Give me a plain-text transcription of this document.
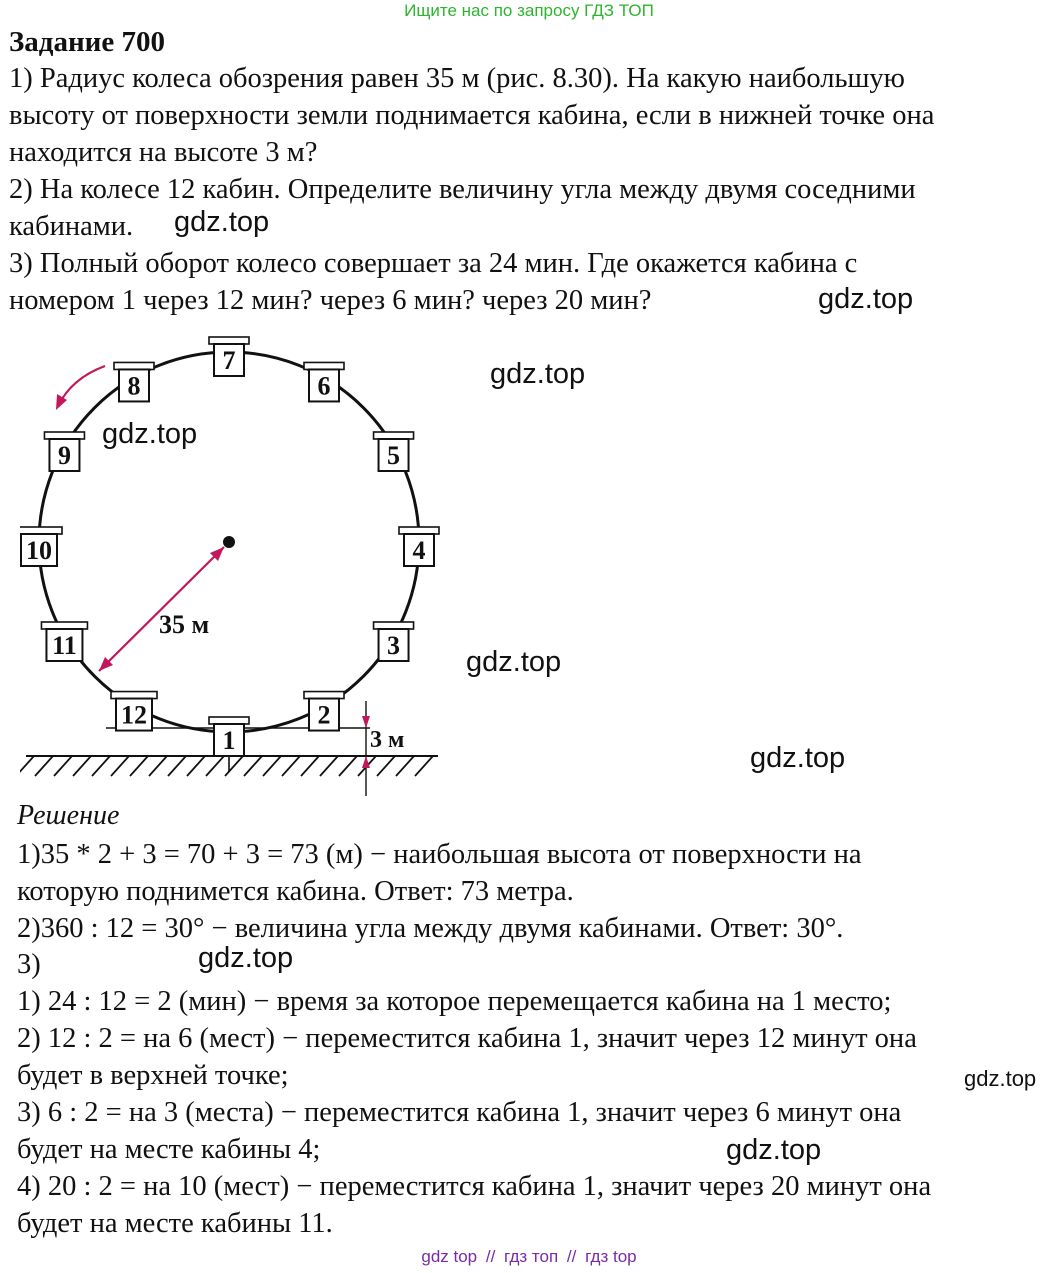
Ищите нас по запросу ГДЗ ТОП
Задание 700
1) Радиус колеса обозрения равен 35 м (рис. 8.30). На какую наибольшую
высоту от поверхности земли поднимается кабина, если в нижней точке она
находится на высоте 3 м?
2) На колесе 12 кабин. Определите величину угла между двумя соседними
кабинами.
3) Полный оборот колесо совершает за 24 мин. Где окажется кабина с
номером 1 через 12 мин? через 6 мин? через 20 мин?
35 м
3 м
1
2
3
4
5
6
7
8
9
10
11
12
gdz.top
gdz.top
gdz.top
gdz.top
gdz.top
gdz.top
gdz.top
gdz.top
gdz.top
Решение
1)35 * 2 + 3 = 70 + 3 = 73 (м) − наибольшая высота от поверхности на
которую поднимется кабина. Ответ: 73 метра.
2)360 : 12 = 30° − величина угла между двумя кабинами. Ответ: 30°.
3)
1) 24 : 12 = 2 (мин) − время за которое перемещается кабина на 1 место;
2) 12 : 2 = на 6 (мест) − переместится кабина 1, значит через 12 минут она
будет в верхней точке;
3) 6 : 2 = на 3 (места) − переместится кабина 1, значит через 6 минут она
будет на месте кабины 4;
4) 20 : 2 = на 10 (мест) − переместится кабина 1, значит через 20 минут она
будет на месте кабины 11.
gdz top // гдз топ // гдз top
